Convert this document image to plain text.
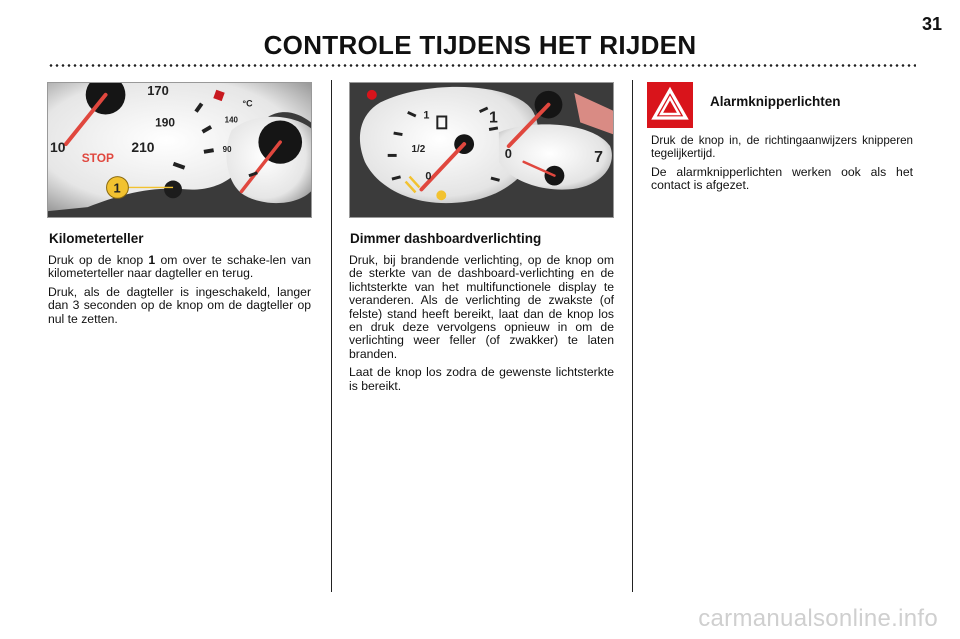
31
CONTROLE TIJDENS HET RIJDEN
170
190
210
10
140
90
°C
STOP
1
Kilometerteller

Druk op de knop 1 om over te schake-len van kilometerteller naar dagteller en terug.

Druk, als de dagteller is ingeschakeld, langer dan 3 seconden op de knop om de dagteller op nul te zetten.

1
1/2
0
1
0	7
Dimmer dashboardverlichting

Druk, bij brandende verlichting, op de knop om de sterkte van de dashboard-verlichting en de lichtsterkte van het multifunctionele display te veranderen. Als de verlichting de zwakste (of felste) stand heeft bereikt, laat dan de knop los en druk deze vervolgens opnieuw in om de verlichting weer feller (of zwakker) te laten branden.

Laat de knop los zodra de gewenste lichtsterkte is bereikt.

Alarmknipperlichten

Druk de knop in, de richtingaanwijzers knipperen tegelijkertijd.

De alarmknipperlichten werken ook als het contact is afgezet.

carmanualsonline.info
